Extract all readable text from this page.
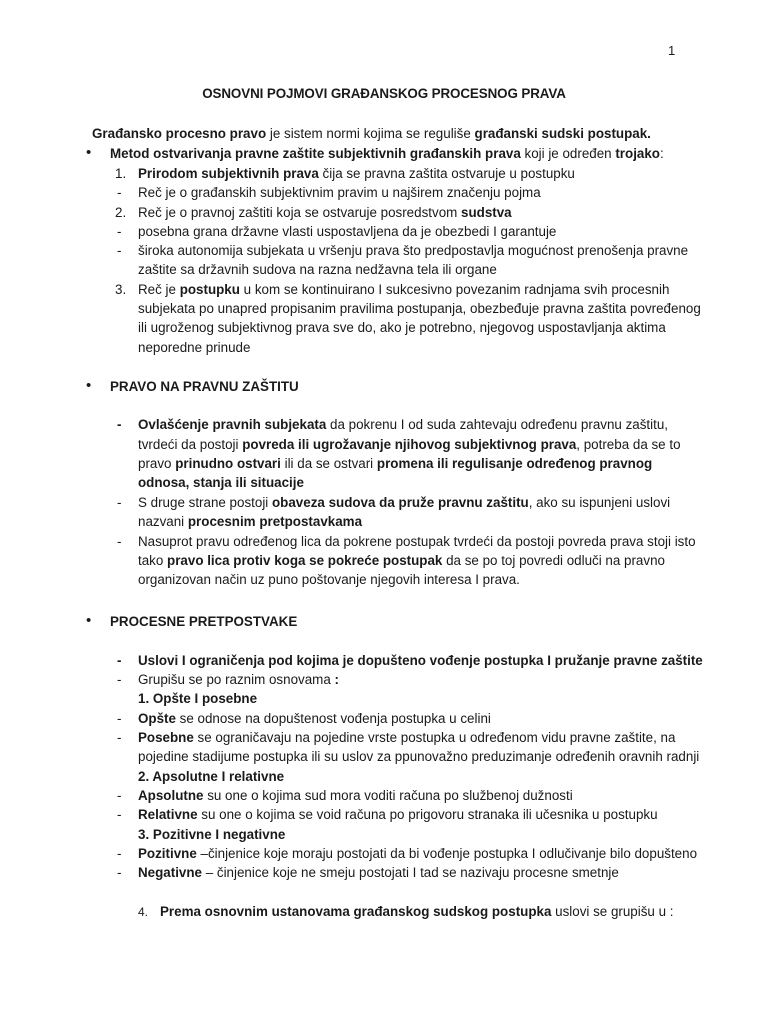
1
OSNOVNI POJMOVI GRAĐANSKOG PROCESNOG PRAVA
Građansko procesno pravo je sistem normi kojima se reguliše građanski sudski postupak.
• Metod ostvarivanja pravne zaštite subjektivnih građanskih prava koji je određen trojako:
1. Prirodom subjektivnih prava čija se pravna zaštita ostvaruje u postupku
- Reč je o građanskih subjektivnim pravim u najširem značenju pojma
2. Reč je o pravnoj zaštiti koja se ostvaruje posredstvom sudstva
- posebna grana državne vlasti uspostavljena da je obezbedi I garantuje
- široka autonomija subjekata u vršenju prava što predpostavlja mogućnost prenošenja pravne
zaštite sa državnih sudova na razna nedžavna tela ili organe
3. Reč je postupku u kom se kontinuirano I sukcesivno povezanim radnjama svih procesnih
subjekata po unapred propisanim pravilima postupanja, obezbeđuje pravna zaštita povređenog
ili ugroženog subjektivnog prava sve do, ako je potrebno, njegovog uspostavljanja aktima
neporedne prinude
• PRAVO NA PRAVNU ZAŠTITU
- Ovlašćenje pravnih subjekata da pokrenu I od suda zahtevaju određenu pravnu zaštitu,
tvrdeći da postoji povreda ili ugrožavanje njihovog subjektivnog prava, potreba da se to
pravo prinudno ostvari ili da se ostvari promena ili regulisanje određenog pravnog
odnosa, stanja ili situacije
- S druge strane postoji obaveza sudova da pruže pravnu zaštitu, ako su ispunjeni uslovi
nazvani procesnim pretpostavkama
- Nasuprot pravu određenog lica da pokrene postupak tvrdeći da postoji povreda prava stoji isto
tako pravo lica protiv koga se pokreće postupak da se po toj povredi odluči na pravno
organizovan način uz puno poštovanje njegovih interesa I prava.
• PROCESNE PRETPOSTVAKE
- Uslovi I ograničenja pod kojima je dopušteno vođenje postupka I pružanje pravne zaštite
- Grupišu se po raznim osnovama :
1. Opšte I posebne
- Opšte se odnose na dopuštenost vođenja postupka u celini
- Posebne se ograničavaju na pojedine vrste postupka u određenom vidu pravne zaštite, na
pojedine stadijume postupka ili su uslov za ppunovažno preduzimanje određenih oravnih radnji
2. Apsolutne I relativne
- Apsolutne su one o kojima sud mora voditi računa po službenoj dužnosti
- Relativne su one o kojima se void računa po prigovoru stranaka ili učesnika u postupku
3. Pozitivne I negativne
- Pozitivne –činjenice koje moraju postojati da bi vođenje postupka I odlučivanje bilo dopušteno
- Negativne – činjenice koje ne smeju postojati I tad se nazivaju procesne smetnje
4. Prema osnovnim ustanovama građanskog sudskog postupka uslovi se grupišu u :
